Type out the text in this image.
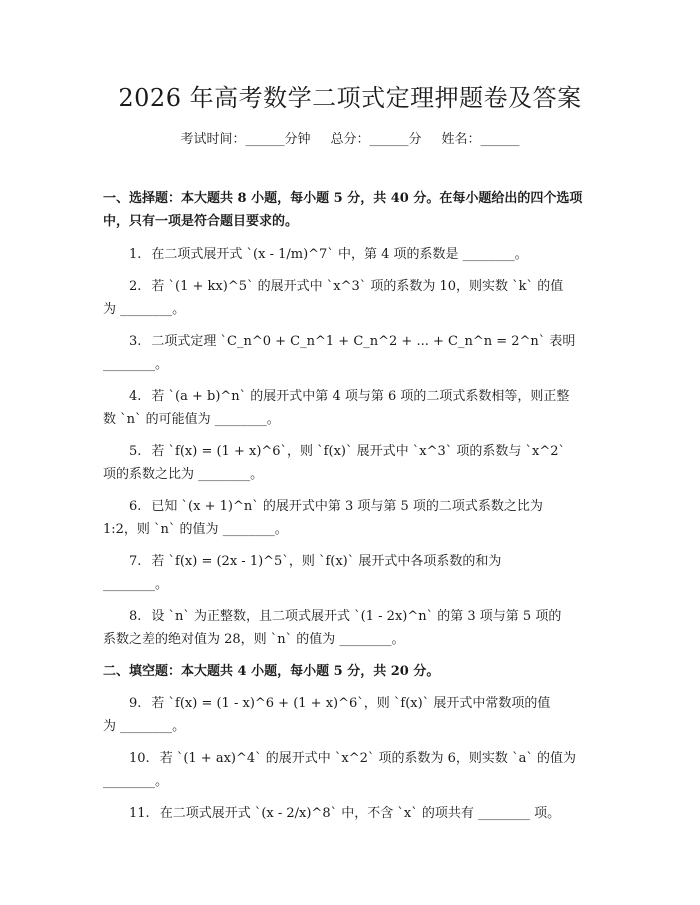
2026 年高考数学二项式定理押题卷及答案
考试时间：______分钟 总分：______分 姓名：______

一、选择题：本大题共 8 小题，每小题 5 分，共 40 分。在每小题给出的四个选项
中，只有一项是符合题目要求的。

1. 在二项式展开式 `(x - 1/m)^7` 中，第 4 项的系数是 ________。

2. 若 `(1 + kx)^5` 的展开式中 `x^3` 项的系数为 10，则实数 `k` 的值

为 ________。

3. 二项式定理 `C_n^0 + C_n^1 + C_n^2 + ... + C_n^n = 2^n` 表明

________。

4. 若 `(a + b)^n` 的展开式中第 4 项与第 6 项的二项式系数相等，则正整

数 `n` 的可能值为 ________。

5. 若 `f(x) = (1 + x)^6`，则 `f(x)` 展开式中 `x^3` 项的系数与 `x^2`

项的系数之比为 ________。

6. 已知 `(x + 1)^n` 的展开式中第 3 项与第 5 项的二项式系数之比为

1:2，则 `n` 的值为 ________。

7. 若 `f(x) = (2x - 1)^5`，则 `f(x)` 展开式中各项系数的和为

________。

8. 设 `n` 为正整数，且二项式展开式 `(1 - 2x)^n` 的第 3 项与第 5 项的

系数之差的绝对值为 28，则 `n` 的值为 ________。

二、填空题：本大题共 4 小题，每小题 5 分，共 20 分。

9. 若 `f(x) = (1 - x)^6 + (1 + x)^6`，则 `f(x)` 展开式中常数项的值

为 ________。

10. 若 `(1 + ax)^4` 的展开式中 `x^2` 项的系数为 6，则实数 `a` 的值为

________。

11. 在二项式展开式 `(x - 2/x)^8` 中，不含 `x` 的项共有 ________ 项。
